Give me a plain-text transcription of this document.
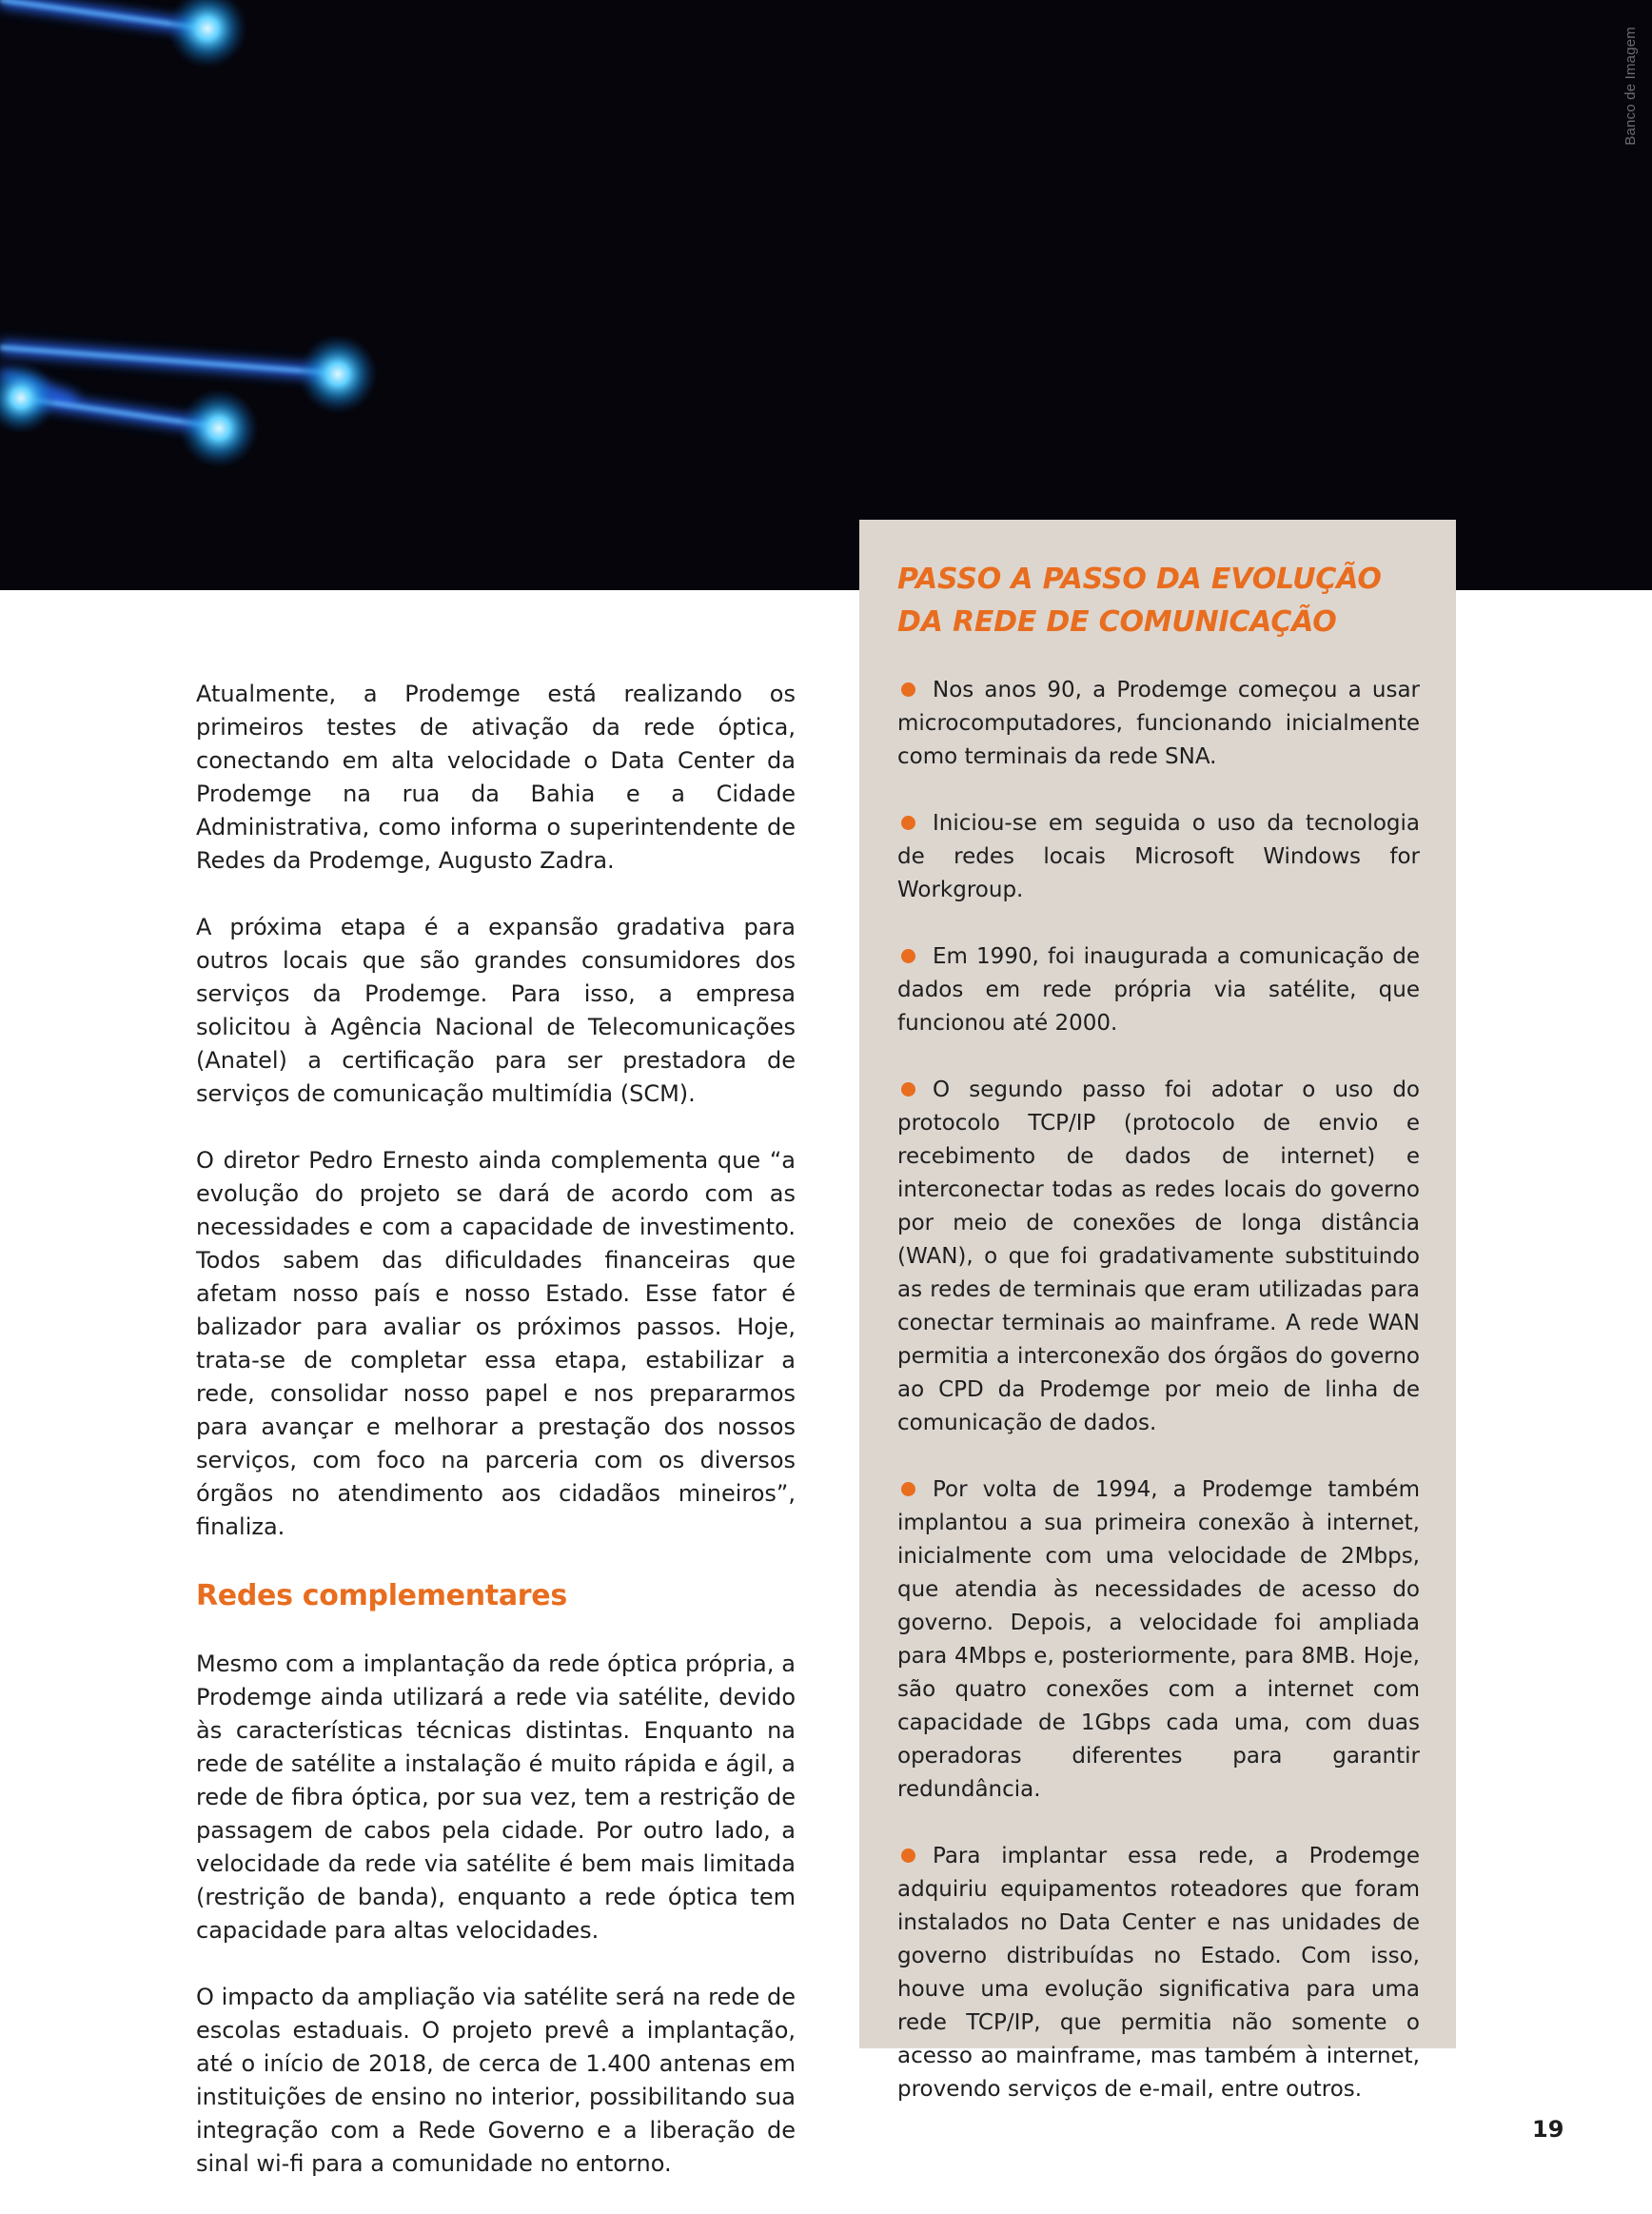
Banco de Imagem

Atualmente, a Prodemge está realizando os primeiros testes de ativação da rede óptica, conectando em alta velocidade o Data Center da Prodemge na rua da Bahia e a Cidade Administrativa, como informa o superintendente de Redes da Prodemge, Augusto Zadra.

A próxima etapa é a expansão gradativa para outros locais que são grandes consumidores dos serviços da Prodemge. Para isso, a empresa solicitou à Agência Nacional de Telecomunicações (Anatel) a certificação para ser prestadora de serviços de comunicação multimídia (SCM).

O diretor Pedro Ernesto ainda complementa que “a evolução do projeto se dará de acordo com as necessidades e com a capacidade de investimento. Todos sabem das dificuldades financeiras que afetam nosso país e nosso Estado. Esse fator é balizador para avaliar os próximos passos. Hoje, trata-se de completar essa etapa, estabilizar a rede, consolidar nosso papel e nos prepararmos para avançar e melhorar a prestação dos nossos serviços, com foco na parceria com os diversos órgãos no atendimento aos cidadãos mineiros”, finaliza.

Redes complementares

Mesmo com a implantação da rede óptica própria, a Prodemge ainda utilizará a rede via satélite, devido às características técnicas distintas. Enquanto na rede de satélite a instalação é muito rápida e ágil, a rede de fibra óptica, por sua vez, tem a restrição de passagem de cabos pela cidade. Por outro lado, a velocidade da rede via satélite é bem mais limitada (restrição de banda), enquanto a rede óptica tem capacidade para altas velocidades.

O impacto da ampliação via satélite será na rede de escolas estaduais. O projeto prevê a implantação, até o início de 2018, de cerca de 1.400 antenas em instituições de ensino no interior, possibilitando sua integração com a Rede Governo e a liberação de sinal wi-fi para a comunidade no entorno.

PASSO A PASSO DA EVOLUÇÃO
DA REDE DE COMUNICAÇÃO
Nos anos 90, a Prodemge começou a usar microcomputadores, funcionando inicialmente como terminais da rede SNA.
Iniciou-se em seguida o uso da tecnologia de redes locais Microsoft Windows for Workgroup.
Em 1990, foi inaugurada a comunicação de dados em rede própria via satélite, que funcionou até 2000.
O segundo passo foi adotar o uso do protocolo TCP/IP (protocolo de envio e recebimento de dados de internet) e interconectar todas as redes locais do governo por meio de conexões de longa distância (WAN), o que foi gradativamente substituindo as redes de terminais que eram utilizadas para conectar terminais ao mainframe. A rede WAN permitia a interconexão dos órgãos do governo ao CPD da Prodemge por meio de linha de comunicação de dados.
Por volta de 1994, a Prodemge também implantou a sua primeira conexão à internet, inicialmente com uma velocidade de 2Mbps, que atendia às necessidades de acesso do governo. Depois, a velocidade foi ampliada para 4Mbps e, posteriormente, para 8MB. Hoje, são quatro conexões com a internet com capacidade de 1Gbps cada uma, com duas operadoras diferentes para garantir redundância.
Para implantar essa rede, a Prodemge adquiriu equipamentos roteadores que foram instalados no Data Center e nas unidades de governo distribuídas no Estado. Com isso, houve uma evolução significativa para uma rede TCP/IP, que permitia não somente o acesso ao mainframe, mas também à internet, provendo serviços de e-mail, entre outros.
19
